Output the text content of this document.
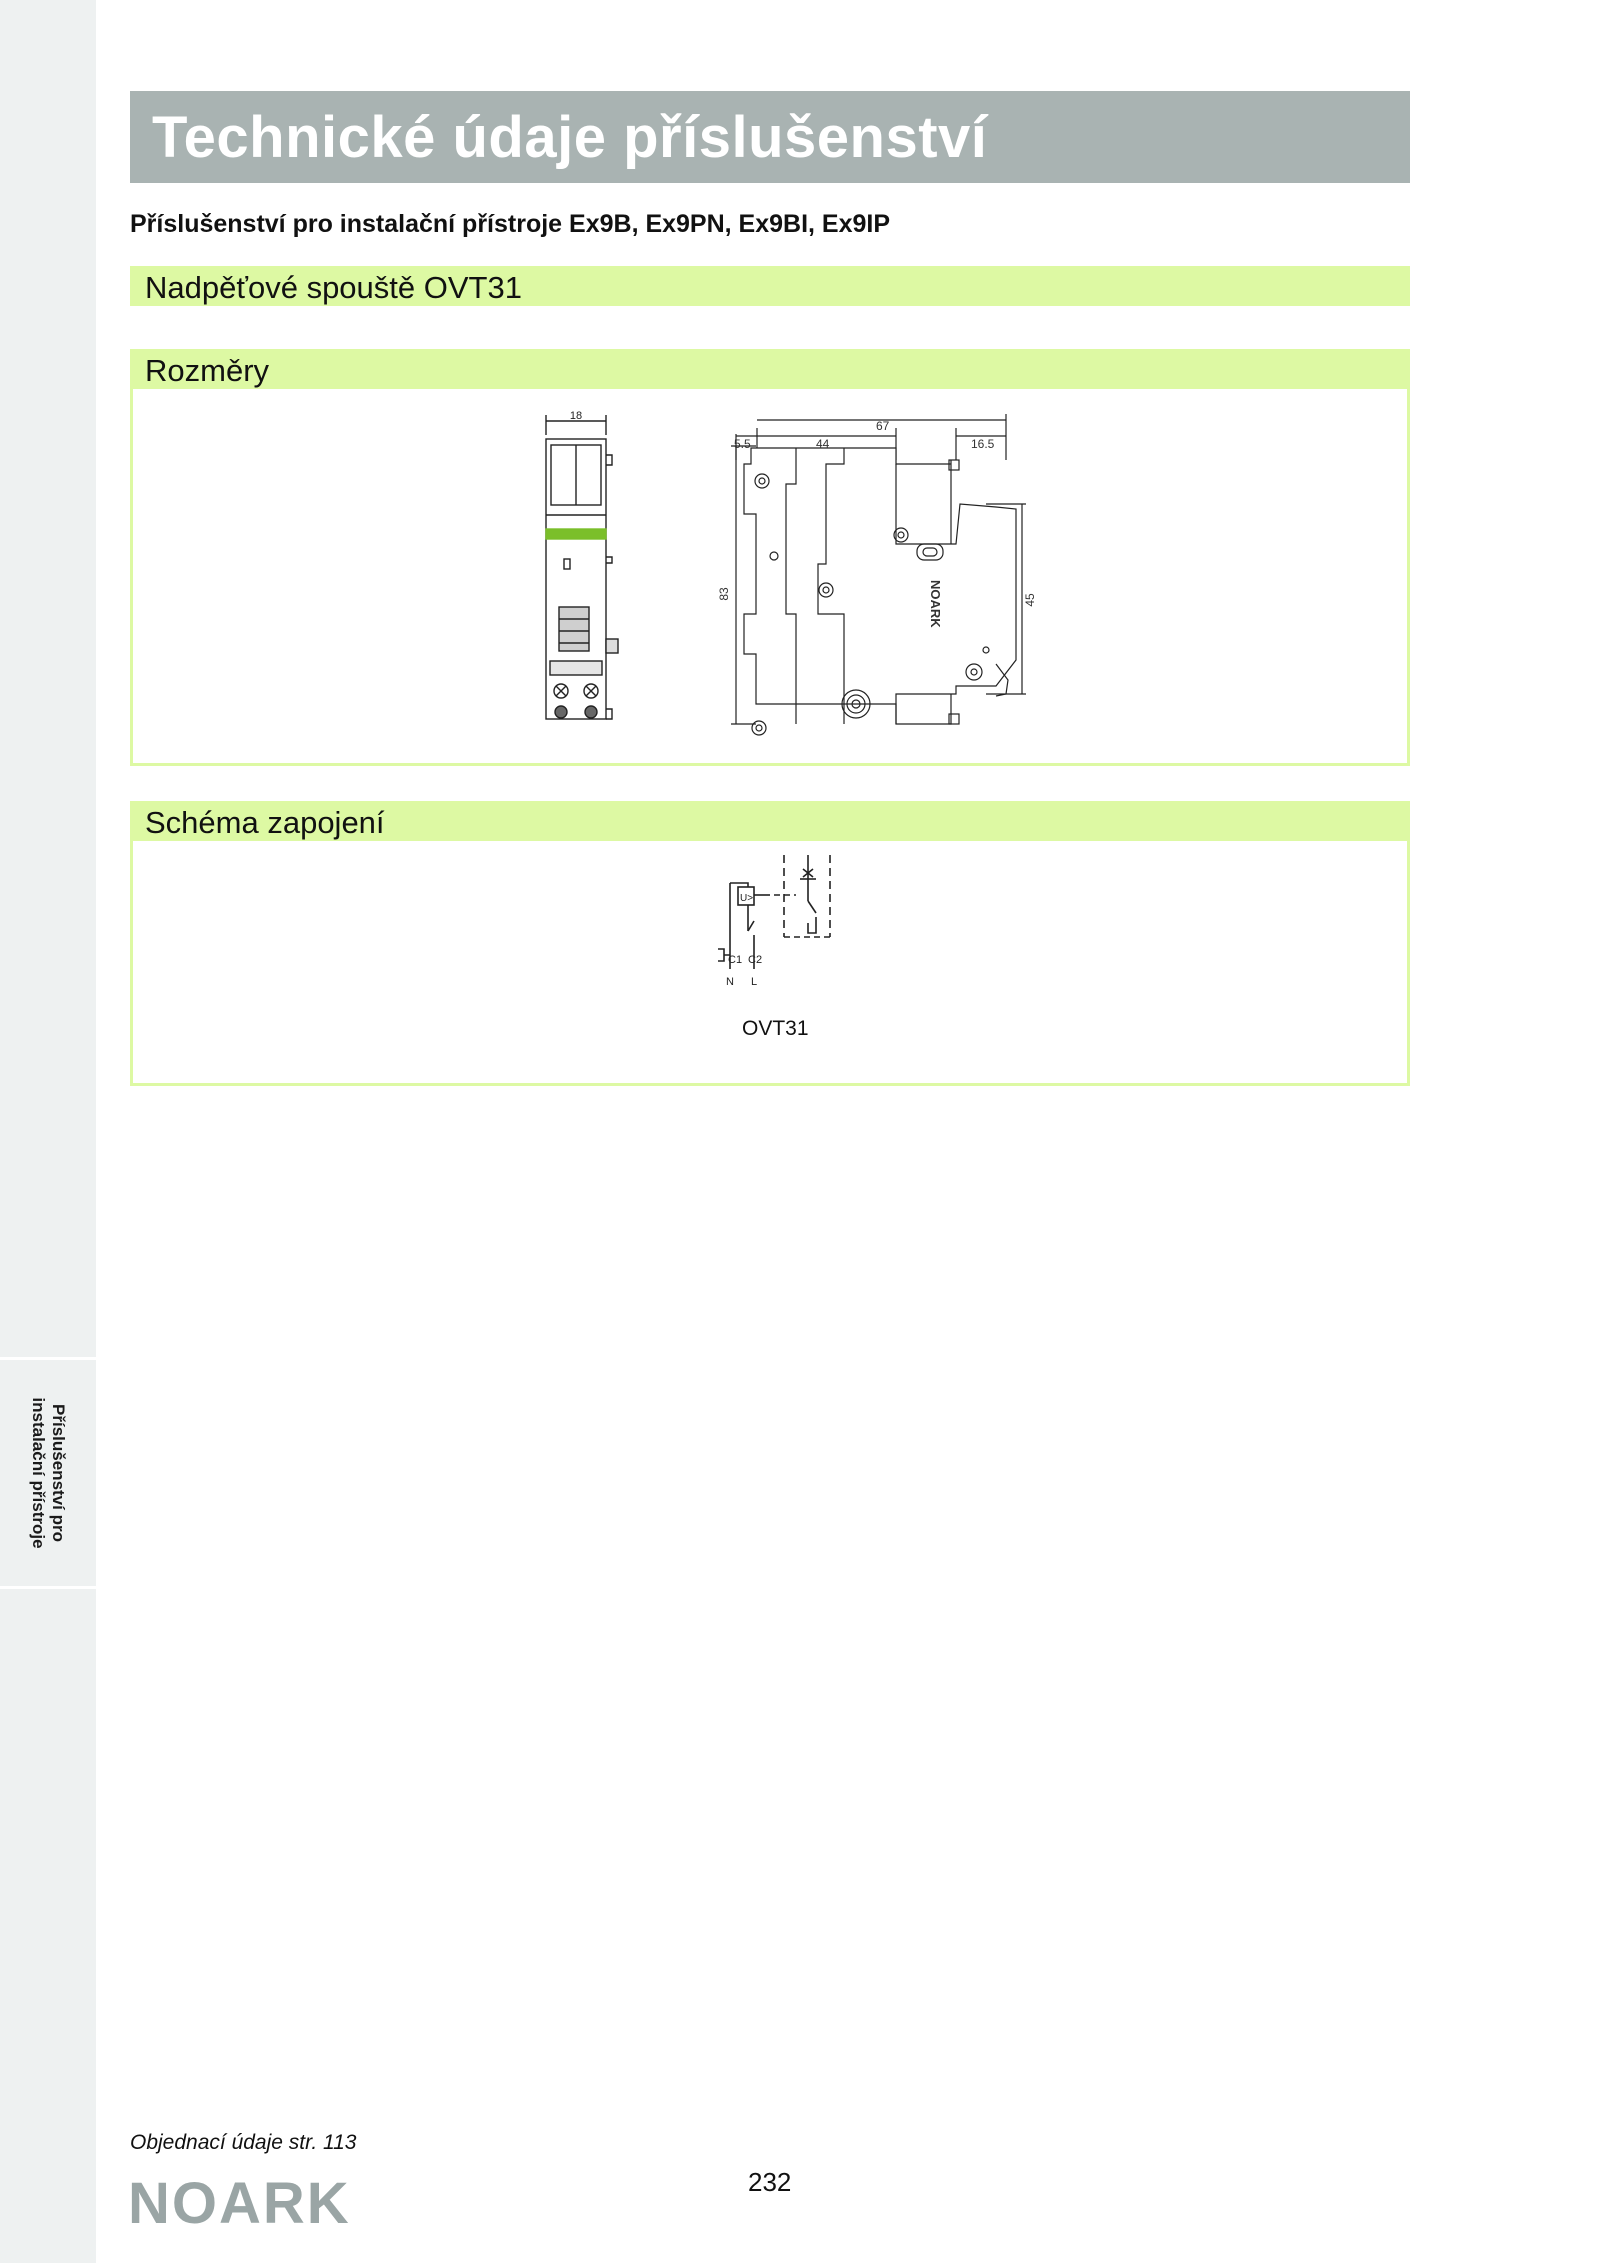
Příslušenství pro
instalační přístroje
Technické údaje příslušenství
Příslušenství pro instalační přístroje Ex9B, Ex9PN, Ex9BI, Ex9IP
Nadpěťové spouště OVT31
Rozměry
18
67
5.5	44	16.5
83	45
NOARK
Schéma zapojení
U>
C1 C2
N L
OVT31
Objednací údaje str. 113
232
NOARK
